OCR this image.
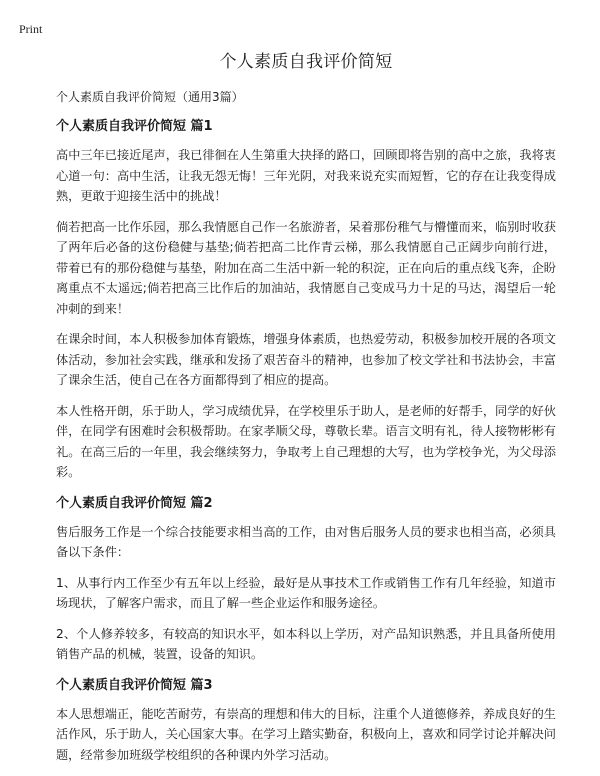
Print
个人素质自我评价简短

个人素质自我评价简短（通用3篇）

个人素质自我评价简短 篇1

高中三年已接近尾声，我已徘徊在人生第重大抉择的路口，回顾即将告别的高中之旅，我将衷心道一句：高中生活，让我无怨无悔！三年光阴，对我来说充实而短暂，它的存在让我变得成熟，更敢于迎接生活中的挑战！

倘若把高一比作乐园，那么我情愿自己作一名旅游者，呆着那份稚气与懵懂而来，临别时收获了两年后必备的这份稳健与基垫;倘若把高二比作青云梯，那么我情愿自己正阔步向前行进，带着已有的那份稳健与基垫，附加在高二生活中新一轮的积淀，正在向后的重点线飞奔，企盼离重点不太遥远;倘若把高三比作后的加油站，我情愿自己变成马力十足的马达，渴望后一轮冲刺的到来！

在课余时间，本人积极参加体育锻炼，增强身体素质，也热爱劳动，积极参加校开展的各项文体活动，参加社会实践，继承和发扬了艰苦奋斗的精神，也参加了校文学社和书法协会，丰富了课余生活，使自己在各方面都得到了相应的提高。

本人性格开朗，乐于助人，学习成绩优异，在学校里乐于助人，是老师的好帮手，同学的好伙伴，在同学有困难时会积极帮助。在家孝顺父母，尊敬长辈。语言文明有礼，待人接物彬彬有礼。在高三后的一年里，我会继续努力，争取考上自己理想的大写，也为学校争光，为父母添彩。

个人素质自我评价简短 篇2

售后服务工作是一个综合技能要求相当高的工作，由对售后服务人员的要求也相当高，必须具备以下条件：

1、从事行内工作至少有五年以上经验，最好是从事技术工作或销售工作有几年经验，知道市场现状，了解客户需求，而且了解一些企业运作和服务途径。

2、个人修养较多，有较高的知识水平，如本科以上学历，对产品知识熟悉，并且具备所使用销售产品的机械，装置，设备的知识。

个人素质自我评价简短 篇3

本人思想端正，能吃苦耐劳，有崇高的理想和伟大的目标，注重个人道德修养，养成良好的生活作风，乐于助人，关心国家大事。在学习上踏实勤奋，积极向上，喜欢和同学讨论并解决问题，经常参加班级学校组织的各种课内外学习活动。
